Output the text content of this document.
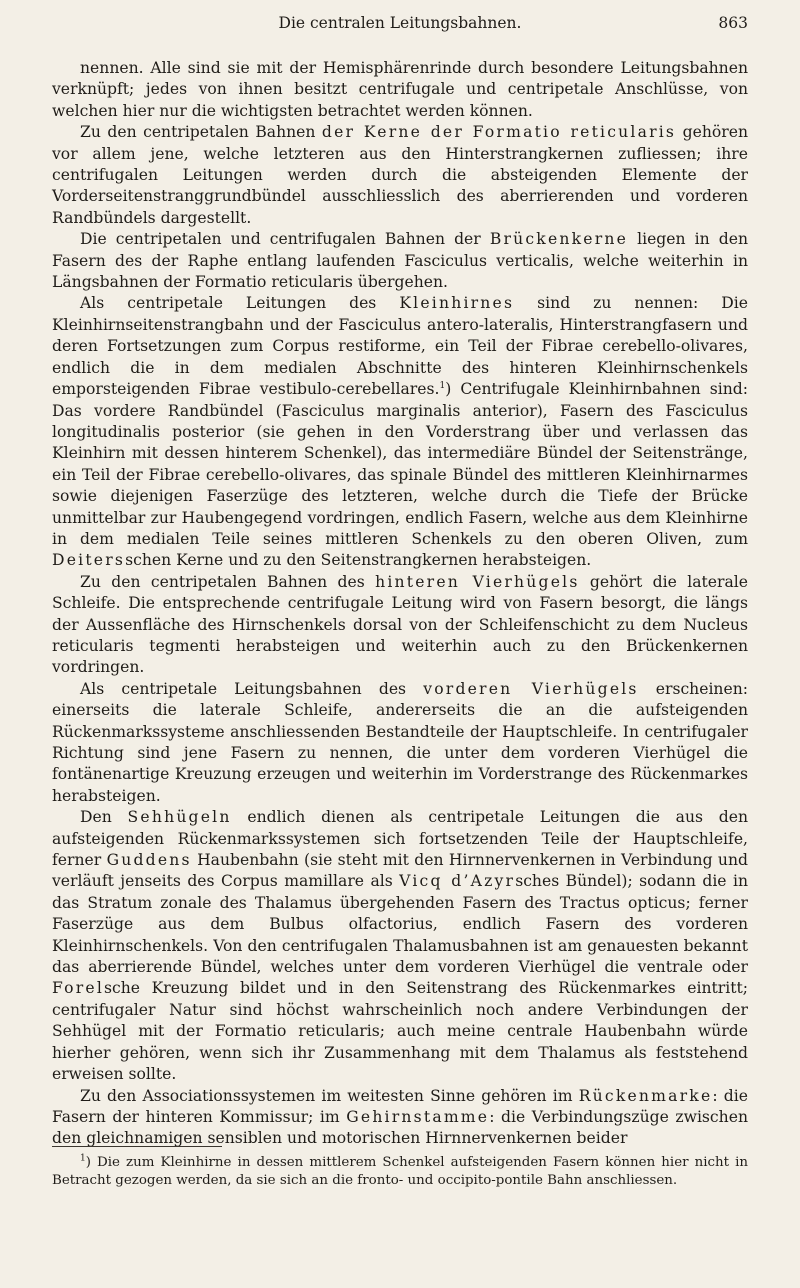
Die centralen Leitungsbahnen.	863

nennen. Alle sind sie mit der Hemisphärenrinde durch besondere Leitungsbahnen verknüpft; jedes von ihnen besitzt centrifugale und centripetale Anschlüsse, von welchen hier nur die wichtigsten betrachtet werden können.

Zu den centripetalen Bahnen der Kerne der Formatio reticularis gehören vor allem jene, welche letzteren aus den Hinterstrangkernen zufliessen; ihre centrifugalen Leitungen werden durch die absteigenden Elemente der Vorderseitenstranggrundbündel ausschliesslich des aberrierenden und vorderen Randbündels dargestellt.

Die centripetalen und centrifugalen Bahnen der Brückenkerne liegen in den Fasern des der Raphe entlang laufenden Fasciculus verticalis, welche weiterhin in Längsbahnen der Formatio reticularis übergehen.

Als centripetale Leitungen des Kleinhirnes sind zu nennen: Die Kleinhirnseitenstrangbahn und der Fasciculus antero-lateralis, Hinterstrangfasern und deren Fortsetzungen zum Corpus restiforme, ein Teil der Fibrae cerebello-olivares, endlich die in dem medialen Abschnitte des hinteren Kleinhirnschenkels emporsteigenden Fibrae vestibulo-cerebellares.$^1$) Centrifugale Kleinhirnbahnen sind: Das vordere Randbündel (Fasciculus marginalis anterior), Fasern des Fasciculus longitudinalis posterior (sie gehen in den Vorderstrang über und verlassen das Kleinhirn mit dessen hinterem Schenkel), das intermediäre Bündel der Seitenstränge, ein Teil der Fibrae cerebello-olivares, das spinale Bündel des mittleren Kleinhirnarmes sowie diejenigen Faserzüge des letzteren, welche durch die Tiefe der Brücke unmittelbar zur Haubengegend vordringen, endlich Fasern, welche aus dem Kleinhirne in dem medialen Teile seines mittleren Schenkels zu den oberen Oliven, zum Deitersschen Kerne und zu den Seitenstrangkernen herabsteigen.

Zu den centripetalen Bahnen des hinteren Vierhügels gehört die laterale Schleife. Die entsprechende centrifugale Leitung wird von Fasern besorgt, die längs der Aussenfläche des Hirnschenkels dorsal von der Schleifenschicht zu dem Nucleus reticularis tegmenti herabsteigen und weiterhin auch zu den Brückenkernen vordringen.

Als centripetale Leitungsbahnen des vorderen Vierhügels erscheinen: einerseits die laterale Schleife, andererseits die an die aufsteigenden Rückenmarkssysteme anschliessenden Bestandteile der Hauptschleife. In centrifugaler Richtung sind jene Fasern zu nennen, die unter dem vorderen Vierhügel die fontänenartige Kreuzung erzeugen und weiterhin im Vorderstrange des Rückenmarkes herabsteigen.

Den Sehhügeln endlich dienen als centripetale Leitungen die aus den aufsteigenden Rückenmarkssystemen sich fortsetzenden Teile der Hauptschleife, ferner Guddens Haubenbahn (sie steht mit den Hirnnervenkernen in Verbindung und verläuft jenseits des Corpus mamillare als Vicq d’Azyrsches Bündel); sodann die in das Stratum zonale des Thalamus übergehenden Fasern des Tractus opticus; ferner Faserzüge aus dem Bulbus olfactorius, endlich Fasern des vorderen Kleinhirnschenkels. Von den centrifugalen Thalamusbahnen ist am genauesten bekannt das aberrierende Bündel, welches unter dem vorderen Vierhügel die ventrale oder Forelsche Kreuzung bildet und in den Seitenstrang des Rückenmarkes eintritt; centrifugaler Natur sind höchst wahrscheinlich noch andere Verbindungen der Sehhügel mit der Formatio reticularis; auch meine centrale Haubenbahn würde hierher gehören, wenn sich ihr Zusammenhang mit dem Thalamus als feststehend erweisen sollte.

Zu den Associationssystemen im weitesten Sinne gehören im Rückenmarke: die Fasern der hinteren Kommissur; im Gehirnstamme: die Verbindungszüge zwischen den gleichnamigen sensiblen und motorischen Hirnnervenkernen beider

$^1$) Die zum Kleinhirne in dessen mittlerem Schenkel aufsteigenden Fasern können hier nicht in Betracht gezogen werden, da sie sich an die fronto- und occipito-pontile Bahn anschliessen.
